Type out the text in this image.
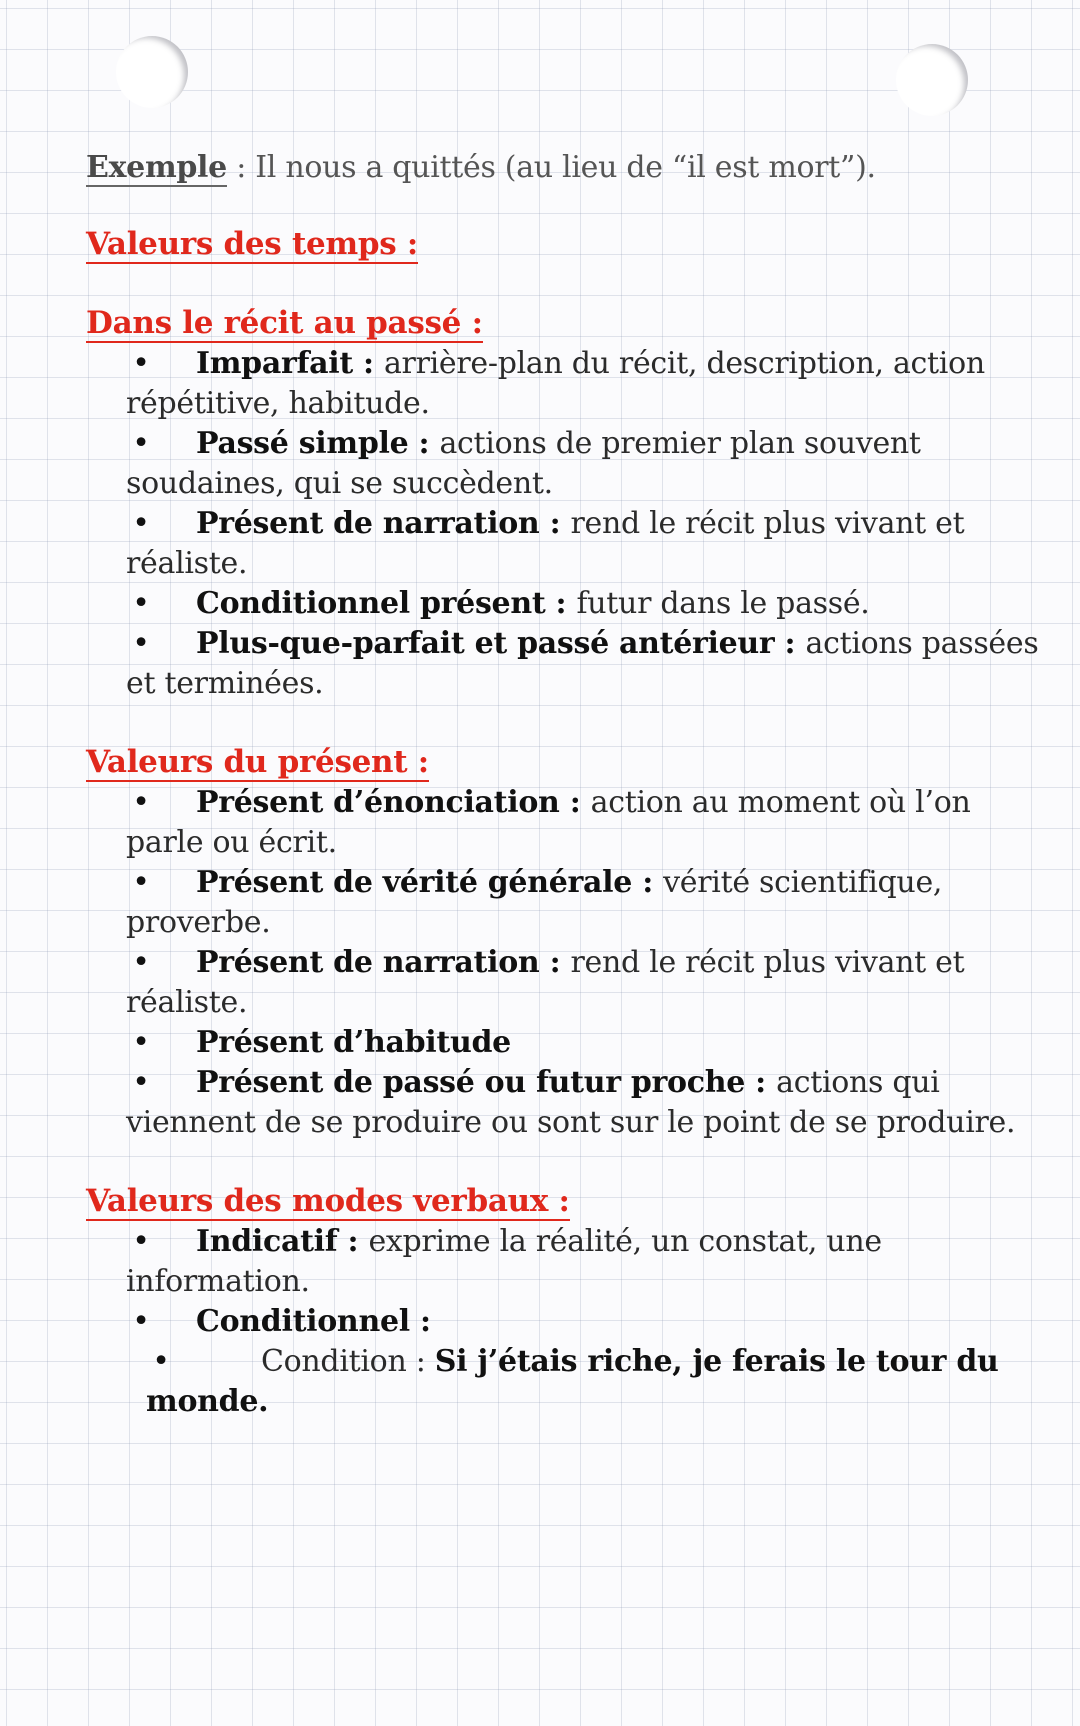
Exemple : Il nous a quittés (au lieu de “il est mort”).

Valeurs des temps :
Dans le récit au passé :
• Imparfait : arrière-plan du récit, description, action répétitive, habitude.
• Passé simple : actions de premier plan souvent soudaines, qui se succèdent.
• Présent de narration : rend le récit plus vivant et réaliste.
• Conditionnel présent : futur dans le passé.
• Plus-que-parfait et passé antérieur : actions passées et terminées.
Valeurs du présent :
• Présent d’énonciation : action au moment où l’on parle ou écrit.
• Présent de vérité générale : vérité scientifique, proverbe.
• Présent de narration : rend le récit plus vivant et réaliste.
• Présent d’habitude
• Présent de passé ou futur proche : actions qui viennent de se produire ou sont sur le point de se produire.
Valeurs des modes verbaux :
• Indicatif : exprime la réalité, un constat, une information.
• Conditionnel :
• Condition : Si j’étais riche, je ferais le tour du monde.
